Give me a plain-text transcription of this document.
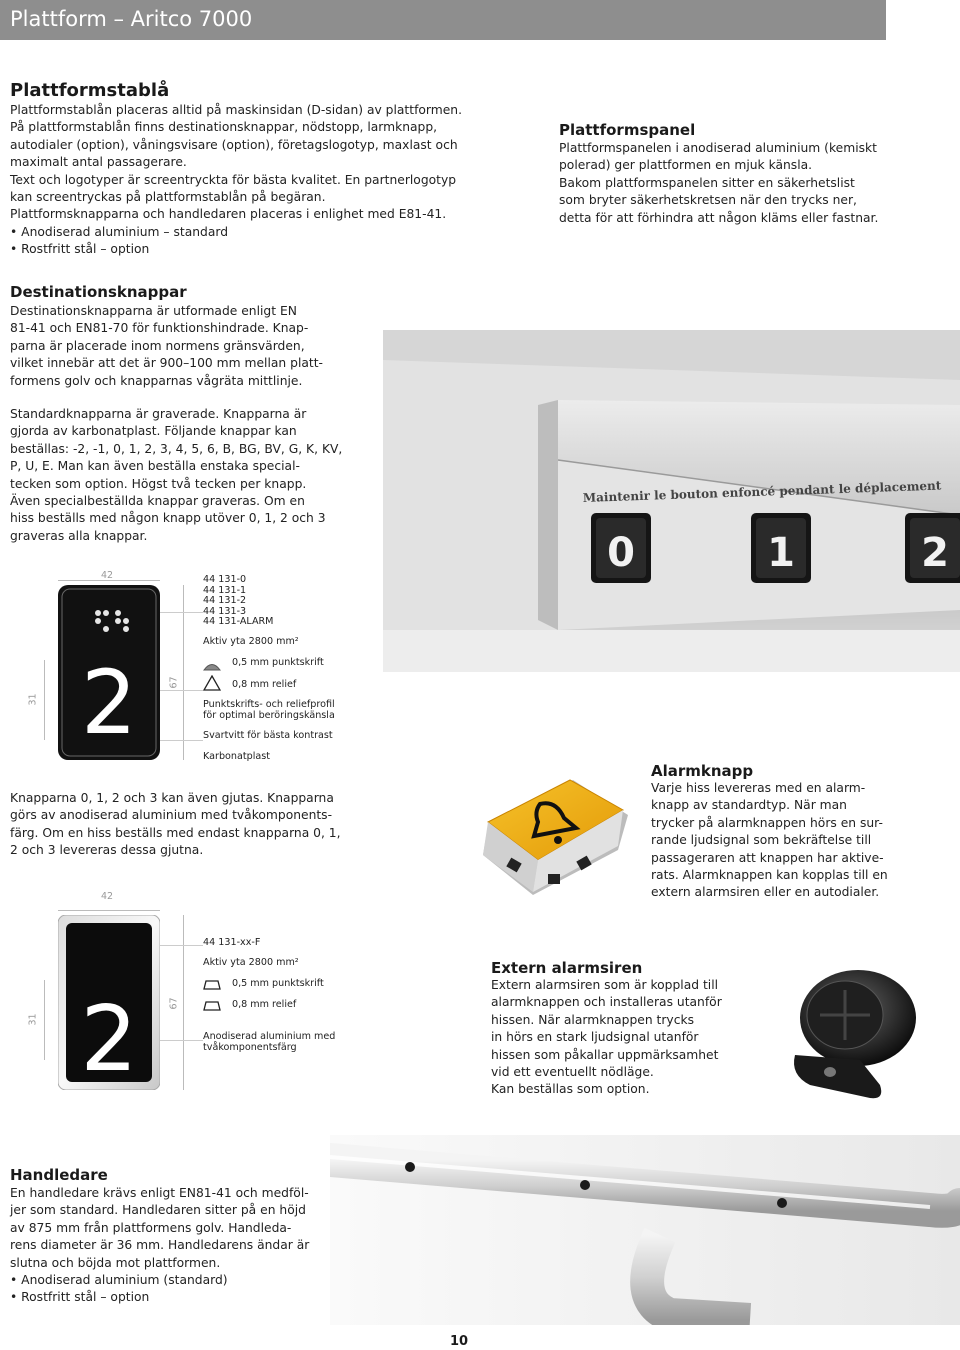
Plattform – Aritco 7000
Plattformstablå

Plattformstablån placeras alltid på maskinsidan (D-sidan) av plattformen.

På plattformstablån finns destinationsknappar, nödstopp, larmknapp,

autodialer (option), våningsvisare (option), företagslogotyp, maxlast och

maximalt antal passagerare.

Text och logotyper är screentryckta för bästa kvalitet. En partnerlogotyp

kan screentryckas på plattformstablån på begäran.

Plattformsknapparna och handledaren placeras i enlighet med E81-41.

• Anodiserad aluminium – standard

• Rostfritt stål – option

Plattformspanel

Plattformspanelen i anodiserad aluminium (kemiskt

polerad) ger plattformen en mjuk känsla.

Bakom plattformspanelen sitter en säkerhetslist

som bryter säkerhetskretsen när den trycks ner,

detta för att förhindra att någon kläms eller fastnar.

Destinationsknappar

Destinationsknapparna är utformade enligt EN

81-41 och EN81-70 för funktionshindrade. Knap-

parna är placerade inom normens gränsvärden,

vilket innebär att det är 900–100 mm mellan platt-

formens golv och knapparnas vågräta mittlinje.

Standardknapparna är graverade. Knapparna är

gjorda av karbonatplast. Följande knappar kan

beställas: -2, -1, 0, 1, 2, 3, 4, 5, 6, B, BG, BV, G, K, KV,

P, U, E. Man kan även beställa enstaka special-

tecken som option. Högst två tecken per knapp.

Även specialbeställda knappar graveras. Om en

hiss beställs med någon knapp utöver 0, 1, 2 och 3

graveras alla knappar.	0	1	2
Maintenir le bouton enfoncé pendant le déplacement
2
42
67
31

44 131-0

44 131-1

44 131-2

44 131-3

44 131-ALARM

Aktiv yta 2800 mm²
0,5 mm punktskrift
0,8 mm relief

Punktskrifts- och reliefprofil

för optimal beröringskänsla

Svartvitt för bästa kontrast
Karbonatplast

Knapparna 0, 1, 2 och 3 kan även gjutas. Knapparna

görs av anodiserad aluminium med tvåkomponents-

färg. Om en hiss beställs med endast knapparna 0, 1,

2 och 3 levereras dessa gjutna.

2
42
67
31
44 131-xx-F
Aktiv yta 2800 mm²
0,5 mm punktskrift
0,8 mm relief

Anodiserad aluminium med

tvåkomponentsfärg

Alarmknapp

Varje hiss levereras med en alarm-

knapp av standardtyp. När man

trycker på alarmknappen hörs en sur-

rande ljudsignal som bekräftelse till

passageraren att knappen har aktive-

rats. Alarmknappen kan kopplas till en

extern alarmsiren eller en autodialer.

Extern alarmsiren

Extern alarmsiren som är kopplad till

alarmknappen och installeras utanför

hissen. När alarmknappen trycks

in hörs en stark ljudsignal utanför

hissen som påkallar uppmärksamhet

vid ett eventuellt nödläge.

Kan beställas som option.

Handledare

En handledare krävs enligt EN81-41 och medföl-

jer som standard. Handledaren sitter på en höjd

av 875 mm från plattformens golv. Handleda-

rens diameter är 36 mm. Handledarens ändar är

slutna och böjda mot plattformen.

• Anodiserad aluminium (standard)

• Rostfritt stål – option

10
